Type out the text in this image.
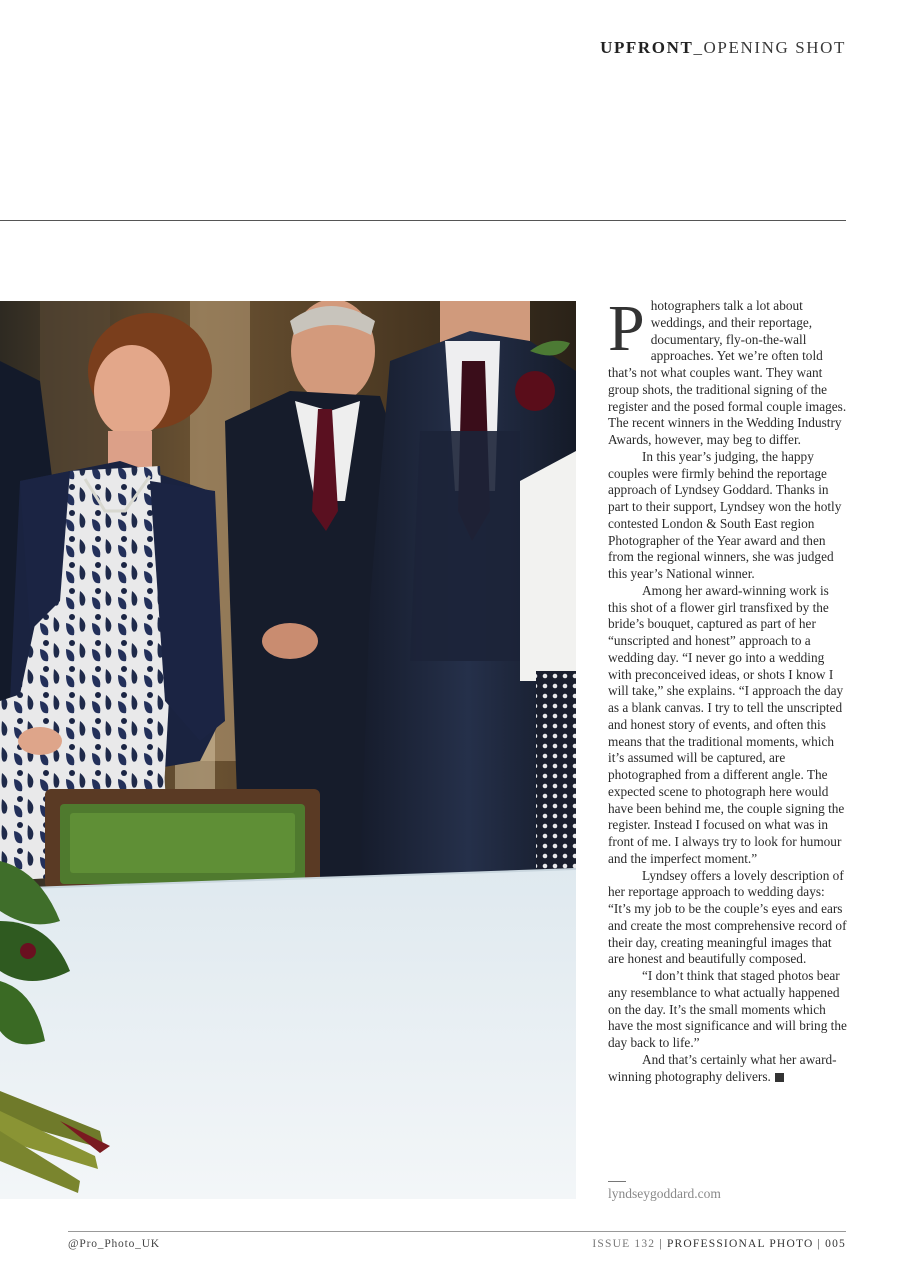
UPFRONT_OPENING SHOT

Photographers talk a lot about weddings, and their reportage, documentary, fly-on-the-wall approaches. Yet we’re often told that’s not what couples want. They want group shots, the traditional signing of the register and the posed formal couple images. The recent winners in the Wedding Industry Awards, however, may beg to differ.

In this year’s judging, the happy couples were firmly behind the reportage approach of Lyndsey Goddard. Thanks in part to their support, Lyndsey won the hotly contested London & South East region Photographer of the Year award and then from the regional winners, she was judged this year’s National winner.

Among her award-winning work is this shot of a flower girl transfixed by the bride’s bouquet, captured as part of her “unscripted and honest” approach to a wedding day. “I never go into a wedding with preconceived ideas, or shots I know I will take,” she explains. “I approach the day as a blank canvas. I try to tell the unscripted and honest story of events, and often this means that the traditional moments, which it’s assumed will be captured, are photographed from a different angle. The expected scene to photograph here would have been behind me, the couple signing the register. Instead I focused on what was in front of me. I always try to look for humour and the imperfect moment.”

Lyndsey offers a lovely description of her reportage approach to wedding days: “It’s my job to be the couple’s eyes and ears and create the most comprehensive record of their day, creating meaningful images that are honest and beautifully composed.

“I don’t think that staged photos bear any resemblance to what actually happened on the day. It’s the small moments which have the most significance and will bring the day back to life.”

And that’s certainly what her award-winning photography delivers.

lyndseygoddard.com
@Pro_Photo_UK	ISSUE 132 | PROFESSIONAL PHOTO | 005
